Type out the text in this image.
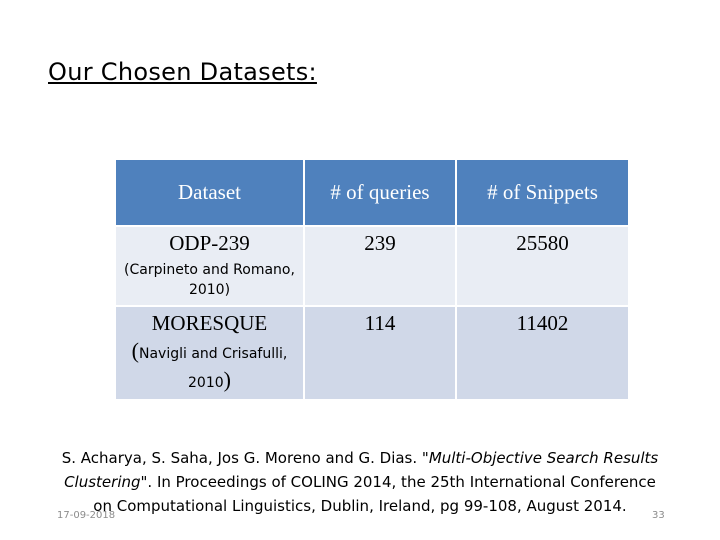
Our Chosen Datasets:
Dataset	# of queries	# of Snippets
ODP-239
(Carpineto and Romano, 2010)	239	25580
MORESQUE
(Navigli and Crisafulli, 2010)	114	11402
S. Acharya, S. Saha, Jos G. Moreno and G. Dias. "Multi-Objective Search Results Clustering". In Proceedings of COLING 2014, the 25th International Conference on Computational Linguistics, Dublin, Ireland, pg 99-108, August 2014.
17-09-2018	33
